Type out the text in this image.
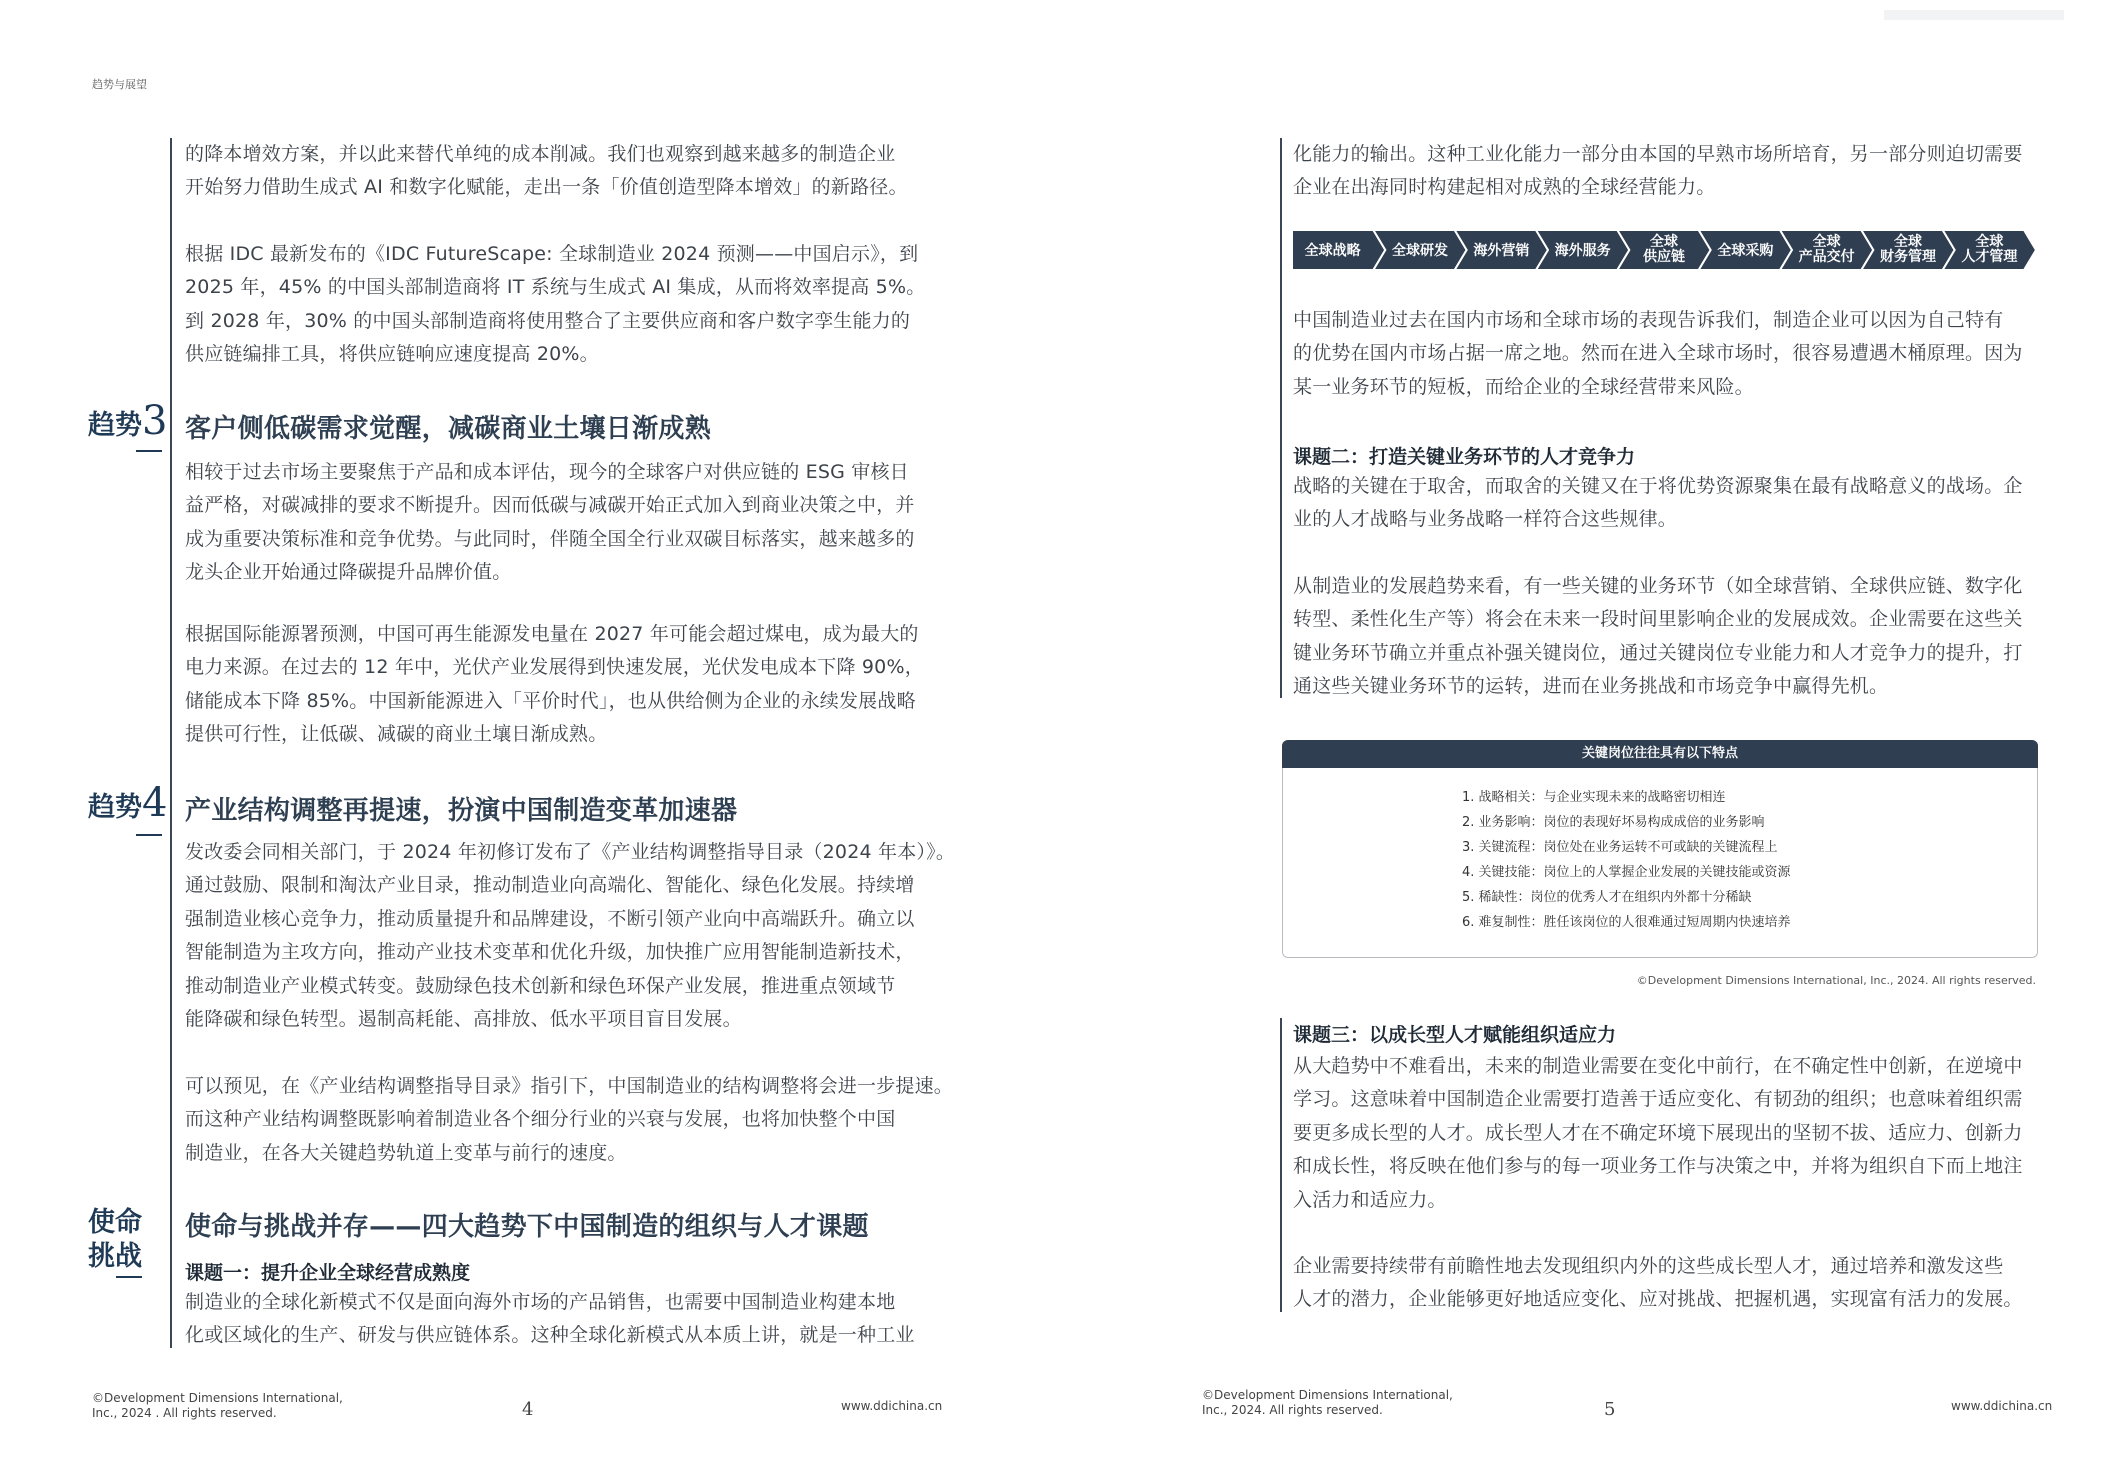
趋势与展望

的降本增效方案，并以此来替代单纯的成本削减。我们也观察到越来越多的制造企业

开始努力借助生成式 AI 和数字化赋能，走出一条「价值创造型降本增效」的新路径。

根据 IDC 最新发布的《IDC FutureScape: 全球制造业 2024 预测——中国启示》，到

2025 年，45% 的中国头部制造商将 IT 系统与生成式 AI 集成，从而将效率提高 5%。

到 2028 年，30% 的中国头部制造商将使用整合了主要供应商和客户数字孪生能力的

供应链编排工具，将供应链响应速度提高 20%。

趋势3 客户侧低碳需求觉醒，减碳商业土壤日渐成熟

相较于过去市场主要聚焦于产品和成本评估，现今的全球客户对供应链的 ESG 审核日

益严格，对碳减排的要求不断提升。因而低碳与减碳开始正式加入到商业决策之中，并

成为重要决策标准和竞争优势。与此同时，伴随全国全行业双碳目标落实，越来越多的

龙头企业开始通过降碳提升品牌价值。

根据国际能源署预测，中国可再生能源发电量在 2027 年可能会超过煤电，成为最大的

电力来源。在过去的 12 年中，光伏产业发展得到快速发展，光伏发电成本下降 90%，

储能成本下降 85%。中国新能源进入「平价时代」，也从供给侧为企业的永续发展战略

提供可行性，让低碳、减碳的商业土壤日渐成熟。

趋势4 产业结构调整再提速，扮演中国制造变革加速器

发改委会同相关部门，于 2024 年初修订发布了《产业结构调整指导目录（2024 年本）》。

通过鼓励、限制和淘汰产业目录，推动制造业向高端化、智能化、绿色化发展。持续增

强制造业核心竞争力，推动质量提升和品牌建设，不断引领产业向中高端跃升。确立以

智能制造为主攻方向，推动产业技术变革和优化升级，加快推广应用智能制造新技术，

推动制造业产业模式转变。鼓励绿色技术创新和绿色环保产业发展，推进重点领域节

能降碳和绿色转型。遏制高耗能、高排放、低水平项目盲目发展。

可以预见，在《产业结构调整指导目录》指引下，中国制造业的结构调整将会进一步提速。

而这种产业结构调整既影响着制造业各个细分行业的兴衰与发展，也将加快整个中国

制造业，在各大关键趋势轨道上变革与前行的速度。

使命
挑战
使命与挑战并存——四大趋势下中国制造的组织与人才课题
课题一：提升企业全球经营成熟度

制造业的全球化新模式不仅是面向海外市场的产品销售，也需要中国制造业构建本地

化或区域化的生产、研发与供应链体系。这种全球化新模式从本质上讲，就是一种工业

©Development Dimensions International,
Inc., 2024 . All rights reserved.	4	www.ddichina.cn

化能力的输出。这种工业化能力一部分由本国的早熟市场所培育，另一部分则迫切需要

企业在出海同时构建起相对成熟的全球经营能力。

全球战略 全球研发 海外营销 海外服务
全球供应链 全球采购
全球产品交付
全球财务管理
全球人才管理

中国制造业过去在国内市场和全球市场的表现告诉我们，制造企业可以因为自己特有

的优势在国内市场占据一席之地。然而在进入全球市场时，很容易遭遇木桶原理。因为

某一业务环节的短板，而给企业的全球经营带来风险。

课题二：打造关键业务环节的人才竞争力

战略的关键在于取舍，而取舍的关键又在于将优势资源聚集在最有战略意义的战场。企

业的人才战略与业务战略一样符合这些规律。

从制造业的发展趋势来看，有一些关键的业务环节（如全球营销、全球供应链、数字化

转型、柔性化生产等）将会在未来一段时间里影响企业的发展成效。企业需要在这些关

键业务环节确立并重点补强关键岗位，通过关键岗位专业能力和人才竞争力的提升，打

通这些关键业务环节的运转，进而在业务挑战和市场竞争中赢得先机。

关键岗位往往具有以下特点
1. 战略相关：与企业实现未来的战略密切相连
2. 业务影响：岗位的表现好坏易构成成倍的业务影响
3. 关键流程：岗位处在业务运转不可或缺的关键流程上
4. 关键技能：岗位上的人掌握企业发展的关键技能或资源
5. 稀缺性：岗位的优秀人才在组织内外都十分稀缺
6. 难复制性：胜任该岗位的人很难通过短周期内快速培养
©Development Dimensions International, Inc., 2024. All rights reserved.
课题三：以成长型人才赋能组织适应力

从大趋势中不难看出，未来的制造业需要在变化中前行，在不确定性中创新，在逆境中

学习。这意味着中国制造企业需要打造善于适应变化、有韧劲的组织；也意味着组织需

要更多成长型的人才。成长型人才在不确定环境下展现出的坚韧不拔、适应力、创新力

和成长性，将反映在他们参与的每一项业务工作与决策之中，并将为组织自下而上地注

入活力和适应力。

企业需要持续带有前瞻性地去发现组织内外的这些成长型人才，通过培养和激发这些

人才的潜力，企业能够更好地适应变化、应对挑战、把握机遇，实现富有活力的发展。

©Development Dimensions International,
Inc., 2024. All rights reserved.	5	www.ddichina.cn
